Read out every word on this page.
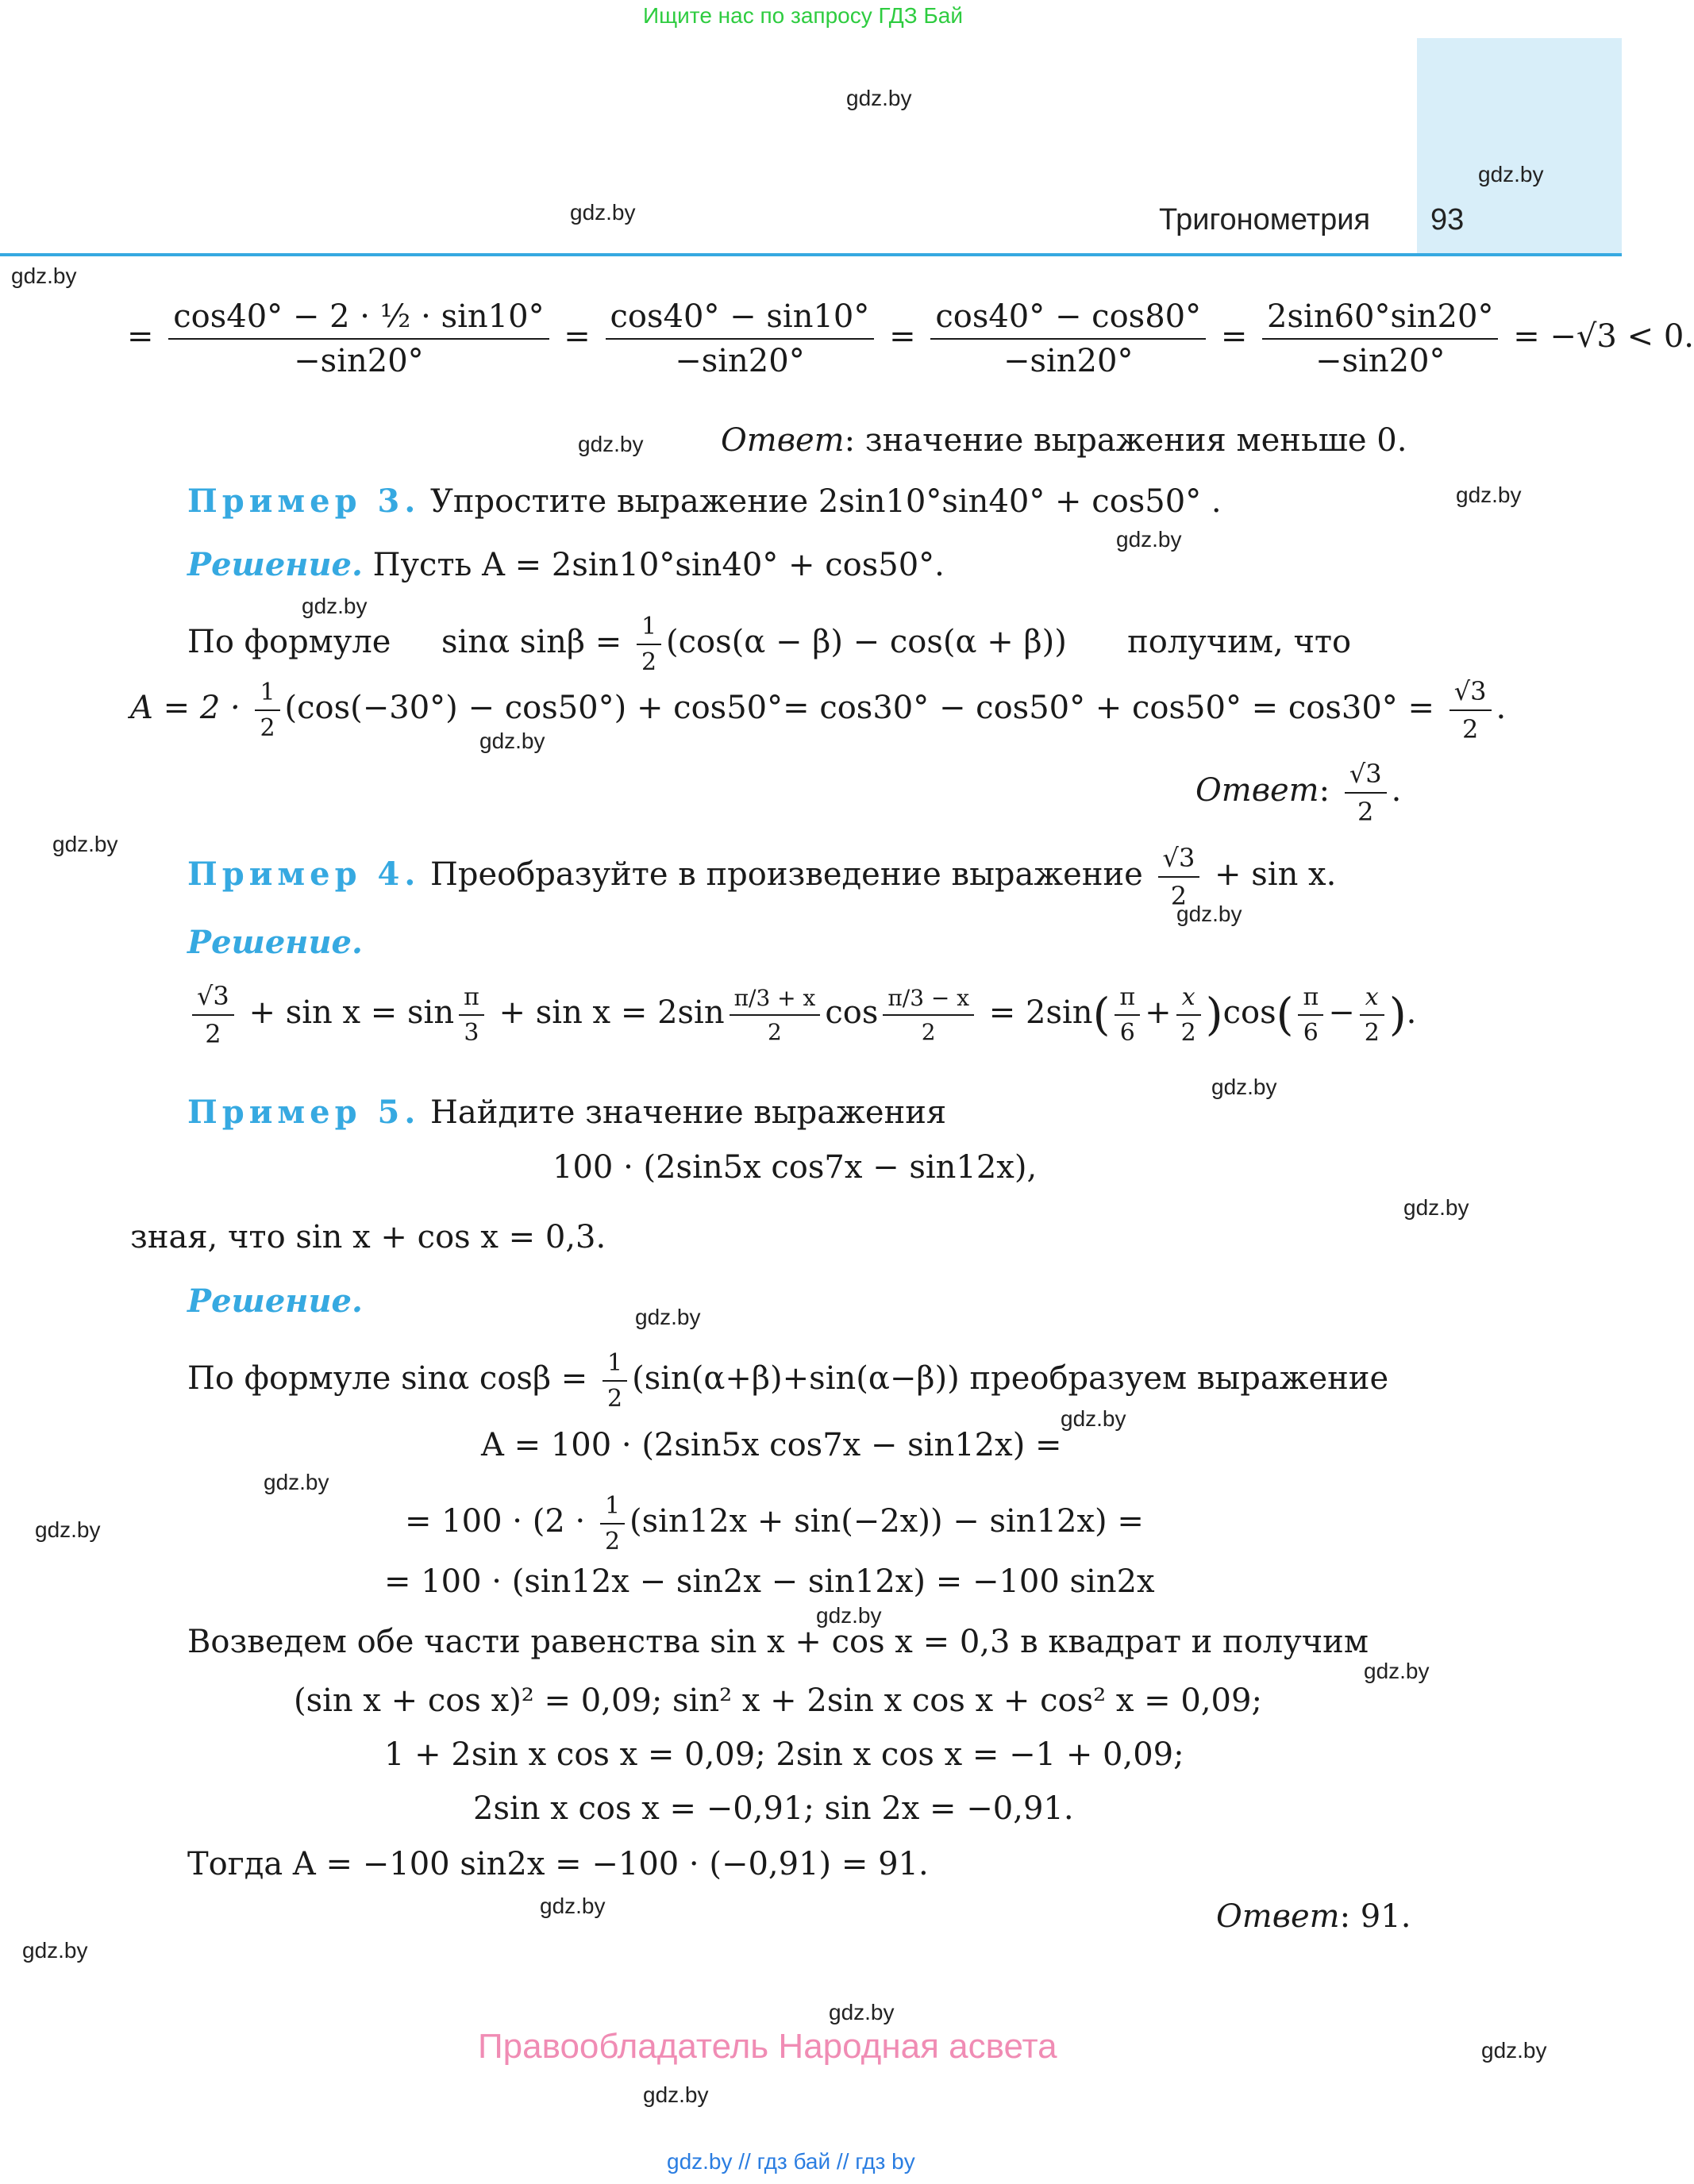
Ищите нас по запросу ГДЗ Бай
Тригонометрия 93
gdz.by
gdz.by
gdz.by
gdz.by
gdz.by
gdz.by
gdz.by
gdz.by
gdz.by
gdz.by
gdz.by
gdz.by
gdz.by
gdz.by
gdz.by
gdz.by
gdz.by
gdz.by
gdz.by
gdz.by
gdz.by
gdz.by
gdz.by
gdz.by
= $\frac{\text{cos40° − 2 · ½ · sin10°}}{-\sin 20^\circ} = \frac{\cos 40^\circ - \sin 10^\circ}{-\sin 20^\circ} = \frac{\cos 40^\circ - \cos 80^\circ}{-\sin 20^\circ} = \frac{2\sin 60^\circ\sin 20^\circ}{-\sin 20^\circ} = -√3 < 0$.
Ответ: значение выражения меньше 0.
Пример 3. Упростите выражение 2sin10°sin40° + cos50° .
Решение. Пусть A = 2sin10°sin40° + cos50°.
По формуле sinα $\sin\beta = \frac{1}{2} (\cos(\alpha - \beta) - \cos(\alpha + \beta))$ получим, что
$A = 2 \cdot \frac{1}{2} (\cos(-30^\circ) - \cos 50^\circ) + \cos 50^\circ= \cos 30^\circ - \cos 50^\circ + \cos 50^\circ = \cos 30^\circ = \frac{√3}{2}$ .
Ответ: $\frac{√3}{2}$ .
Пример 4. Преобразуйте в произведение выражение $\frac{√3}{2} + \sin x$.
Решение.
$\frac{√3}{2} + \sin x = \sin \frac{\pi}{3} + \sin x = 2\sin \frac{\pi/3 + x}{2}$ $\cos \frac{\pi/3 - x}{2} = 2\sin( \frac{\pi}{6} + \frac{x}{2} )\cos( \frac{\pi}{6} - \frac{x}{2}$ ).
Пример 5. Найдите значение выражения
100 · (2sin5x cos7x − sin12x),
зная, что sin x + cos x = 0,3.
Решение.
По формуле sinα $\cos\beta = \frac{1}{2} (\sin(\alpha+\beta)+\sin(\alpha-\beta))$ преобразуем выражение
A = 100 · (2sin5x cos7x − sin12x) =
= $100 \cdot (2 \cdot \frac{1}{2} (\sin 12x + \sin(-2x)) - \sin 12x)$ =
= 100 · (sin12x − sin2x − sin12x) = −100 sin2x
Возведем обе части равенства sin x + cos x = 0,3 в квадрат и получим
(sin x + cos x)² = 0,09; sin² x + 2sin x cos x + cos² x = 0,09;
1 + 2sin x cos x = 0,09; 2sin x cos x = −1 + 0,09;
2sin x cos x = −0,91; sin 2x = −0,91.
Тогда A = −100 sin2x = −100 · (−0,91) = 91.
Ответ: 91.
Правообладатель Народная асвета
gdz.by // гдз бай // гдз by
